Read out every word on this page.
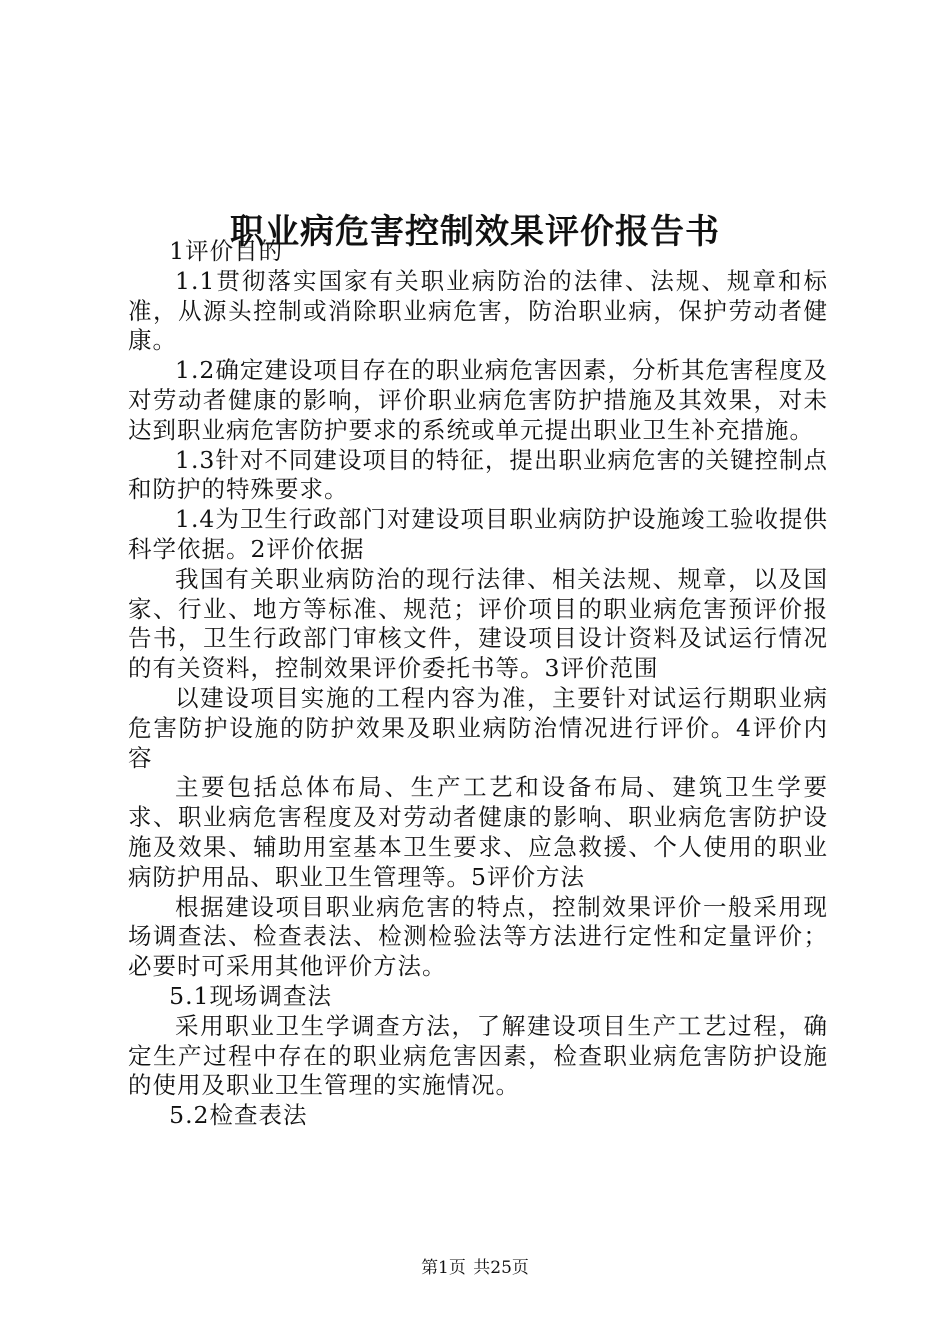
职业病危害控制效果评价报告书

1评价目的

1.1贯彻落实国家有关职业病防治的法律、法规、规章和标准，从源头控制或消除职业病危害，防治职业病，保护劳动者健康。

1.2确定建设项目存在的职业病危害因素，分析其危害程度及对劳动者健康的影响，评价职业病危害防护措施及其效果，对未达到职业病危害防护要求的系统或单元提出职业卫生补充措施。

1.3针对不同建设项目的特征，提出职业病危害的关键控制点和防护的特殊要求。

1.4为卫生行政部门对建设项目职业病防护设施竣工验收提供科学依据。2评价依据

我国有关职业病防治的现行法律、相关法规、规章，以及国家、行业、地方等标准、规范；评价项目的职业病危害预评价报告书，卫生行政部门审核文件，建设项目设计资料及试运行情况的有关资料，控制效果评价委托书等。3评价范围

以建设项目实施的工程内容为准，主要针对试运行期职业病危害防护设施的防护效果及职业病防治情况进行评价。4评价内容

主要包括总体布局、生产工艺和设备布局、建筑卫生学要求、职业病危害程度及对劳动者健康的影响、职业病危害防护设施及效果、辅助用室基本卫生要求、应急救援、个人使用的职业病防护用品、职业卫生管理等。5评价方法

根据建设项目职业病危害的特点，控制效果评价一般采用现场调查法、检查表法、检测检验法等方法进行定性和定量评价；必要时可采用其他评价方法。

5.1现场调查法

采用职业卫生学调查方法，了解建设项目生产工艺过程，确定生产过程中存在的职业病危害因素，检查职业病危害防护设施的使用及职业卫生管理的实施情况。

5.2检查表法

第1页 共25页
